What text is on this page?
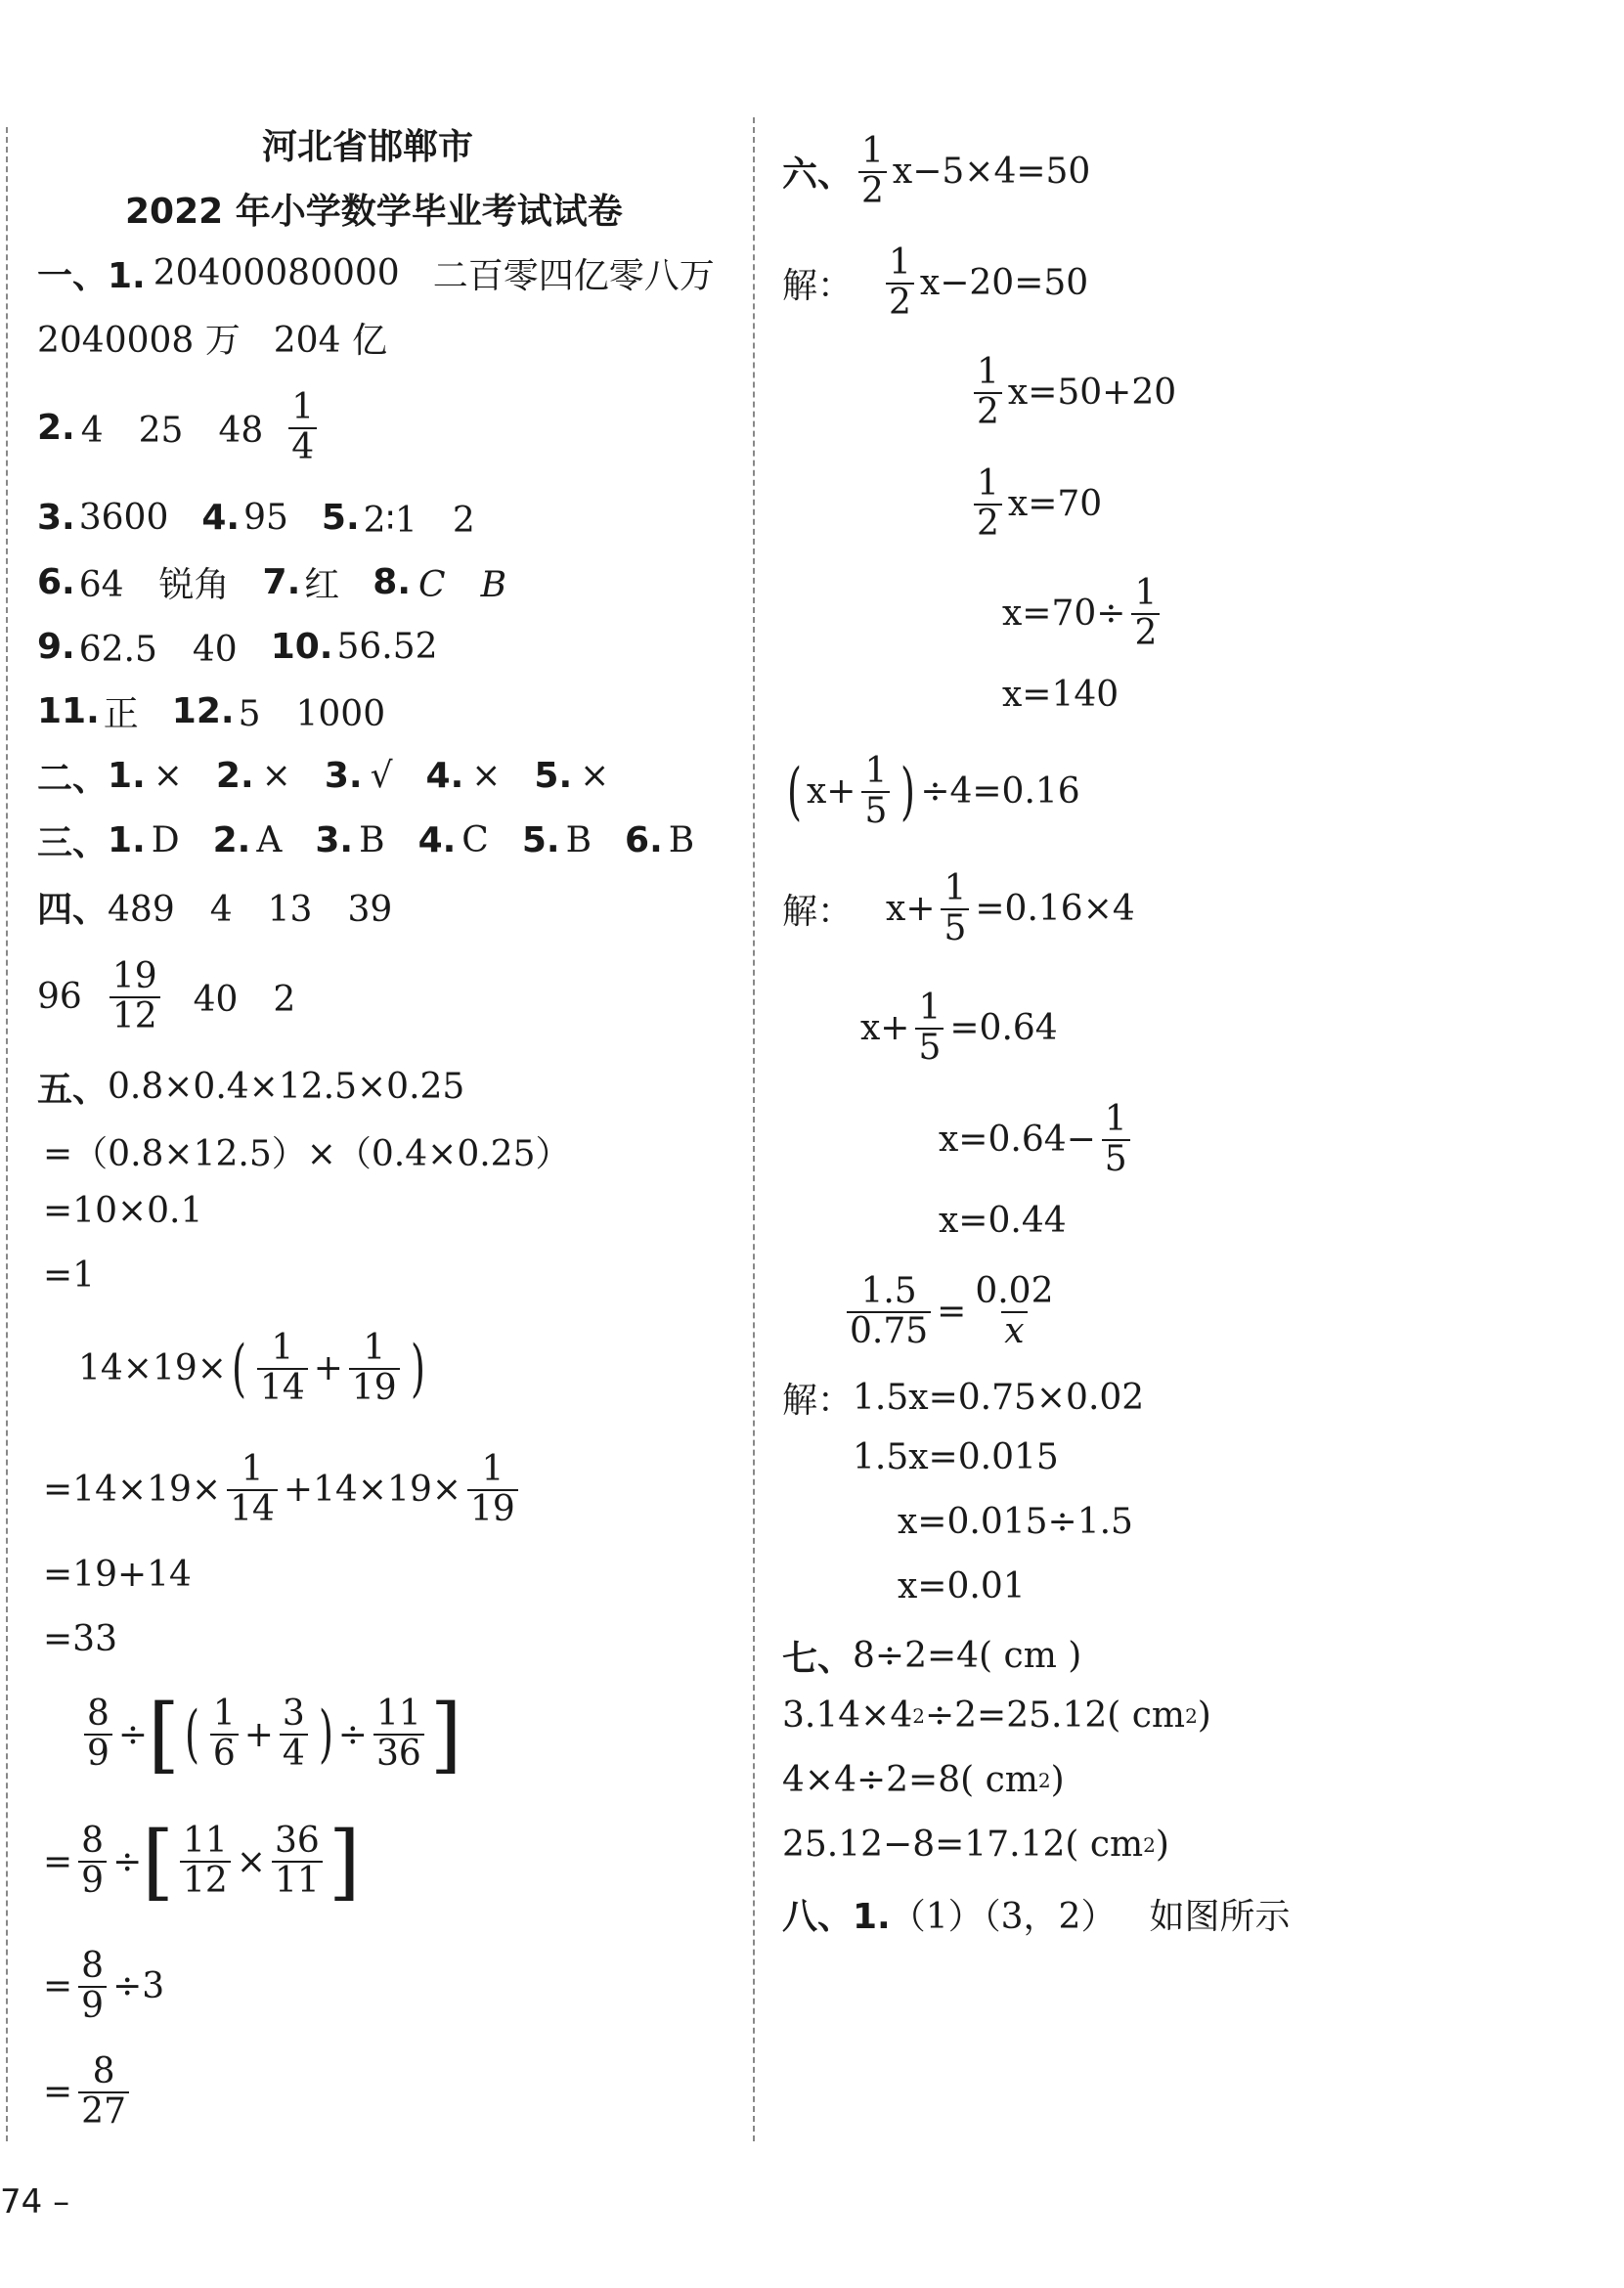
河北省邯郸市
2022 年小学数学毕业考试试卷
一、1. 20400080000 二百零四亿零八万
2040008 万 204 亿
2. 4　25　$48 \frac{1}{4}$
3. 3600 4. 95 5. 2∶1　2
6. 64　锐角 7. 红 8. C　B
9. 62.5　40 10. 56.52
11. 正 12. 5　1000
二、 1. × 2. × 3. √ 4. × 5. ×
三、 1. D 2. A 3. B 4. C 5. B 6. B
四、 489　4　13　39
$96 \frac{19}{12} 40$　2
五、 0.8×0.4×12.5×0.25
=（0.8×12.5）×（0.4×0.25）
=10×0.1
=1
14×19× ( $\frac{1}{14} + \frac{1}{19}$ )
$=14\times 19\times \frac{1}{14} +14\times 19\times \frac{1}{19}$
=19+14
=33
$\frac{8}{9}$ ÷ [ ( $\frac{1}{6} + \frac{3}{4}$ ) ÷ $\frac{11}{36}$ ]
= $\frac{8}{9}$ ÷ [ $\frac{11}{12} \times \frac{36}{11}$ ]
= $\frac{8}{9} \div 3$
= $\frac{8}{27}$
六、 $\frac{1}{2} x-5\times 4=50$
解： $\frac{1}{2} x-20=50$
$\frac{1}{2} x=50+20$
$\frac{1}{2} x=70$
$x=70\div \frac{1}{2}$
x=140
( $x+ \frac{1}{5}$ ) ÷4=0.16
解： $x+ \frac{1}{5} =0.16\times 4$
$x+ \frac{1}{5} =0.64$
$x=0.64- \frac{1}{5}$
x=0.44
$\frac{1.5}{0.75} = \frac{0.02}{x}$
解： 1.5x=0.75×0.02
1.5x=0.015
x=0.015÷1.5
x=0.01
七、 8÷2=4( cm )
3.14×4 2 ÷2=25.12( cm 2 )
4×4÷2=8( cm 2 )
25.12−8=17.12( cm 2 )
八、1. （1）（3，2） 如图所示
74 –
